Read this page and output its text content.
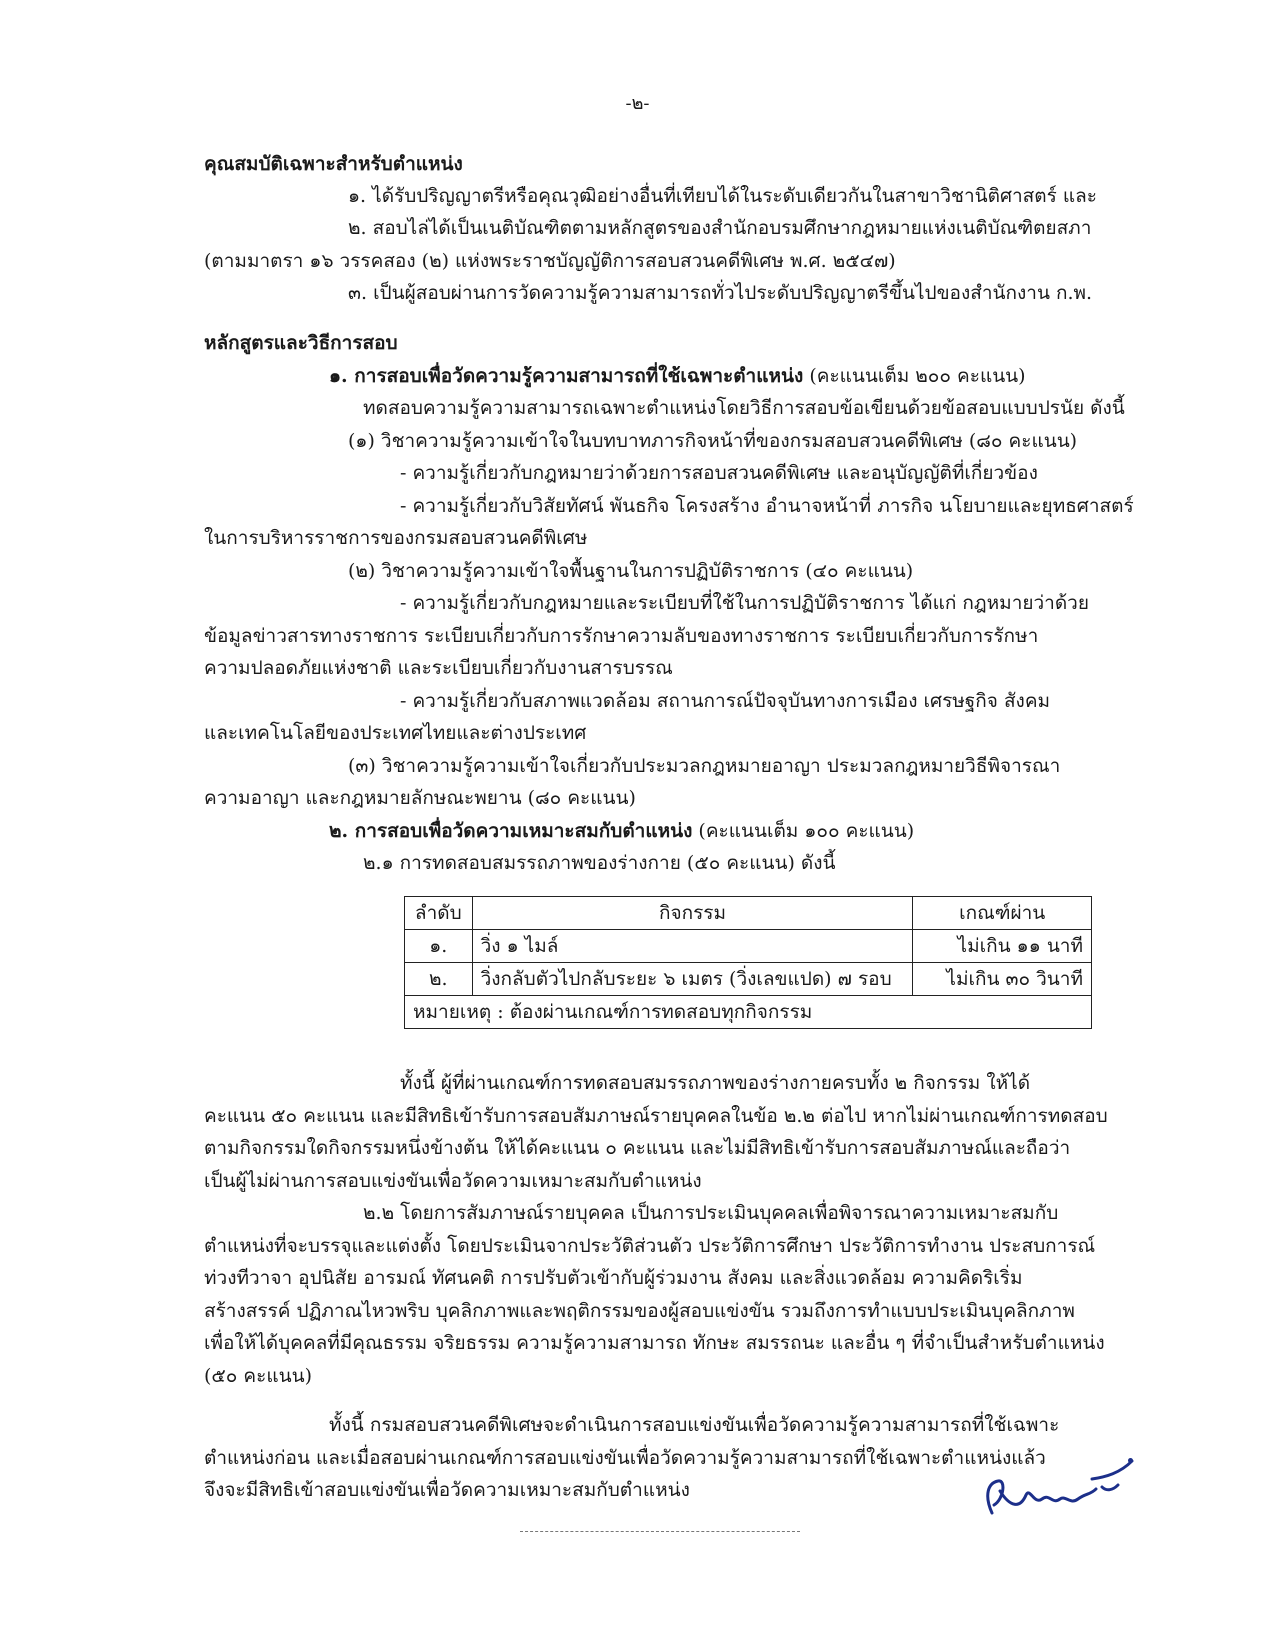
-๒-
คุณสมบัติเฉพาะสำหรับตำแหน่ง
๑. ได้รับปริญญาตรีหรือคุณวุฒิอย่างอื่นที่เทียบได้ในระดับเดียวกันในสาขาวิชานิติศาสตร์ และ
๒. สอบไล่ได้เป็นเนติบัณฑิตตามหลักสูตรของสำนักอบรมศึกษากฎหมายแห่งเนติบัณฑิตยสภา
(ตามมาตรา ๑๖ วรรคสอง (๒) แห่งพระราชบัญญัติการสอบสวนคดีพิเศษ พ.ศ. ๒๕๔๗)
๓. เป็นผู้สอบผ่านการวัดความรู้ความสามารถทั่วไประดับปริญญาตรีขึ้นไปของสำนักงาน ก.พ.
หลักสูตรและวิธีการสอบ
๑. การสอบเพื่อวัดความรู้ความสามารถที่ใช้เฉพาะตำแหน่ง (คะแนนเต็ม ๒๐๐ คะแนน)
ทดสอบความรู้ความสามารถเฉพาะตำแหน่งโดยวิธีการสอบข้อเขียนด้วยข้อสอบแบบปรนัย ดังนี้
(๑) วิชาความรู้ความเข้าใจในบทบาทภารกิจหน้าที่ของกรมสอบสวนคดีพิเศษ (๘๐ คะแนน)
- ความรู้เกี่ยวกับกฎหมายว่าด้วยการสอบสวนคดีพิเศษ และอนุบัญญัติที่เกี่ยวข้อง
- ความรู้เกี่ยวกับวิสัยทัศน์ พันธกิจ โครงสร้าง อำนาจหน้าที่ ภารกิจ นโยบายและยุทธศาสตร์
ในการบริหารราชการของกรมสอบสวนคดีพิเศษ
(๒) วิชาความรู้ความเข้าใจพื้นฐานในการปฏิบัติราชการ (๔๐ คะแนน)
- ความรู้เกี่ยวกับกฎหมายและระเบียบที่ใช้ในการปฏิบัติราชการ ได้แก่ กฎหมายว่าด้วย
ข้อมูลข่าวสารทางราชการ ระเบียบเกี่ยวกับการรักษาความลับของทางราชการ ระเบียบเกี่ยวกับการรักษา
ความปลอดภัยแห่งชาติ และระเบียบเกี่ยวกับงานสารบรรณ
- ความรู้เกี่ยวกับสภาพแวดล้อม สถานการณ์ปัจจุบันทางการเมือง เศรษฐกิจ สังคม
และเทคโนโลยีของประเทศไทยและต่างประเทศ
(๓) วิชาความรู้ความเข้าใจเกี่ยวกับประมวลกฎหมายอาญา ประมวลกฎหมายวิธีพิจารณา
ความอาญา และกฎหมายลักษณะพยาน (๘๐ คะแนน)
๒. การสอบเพื่อวัดความเหมาะสมกับตำแหน่ง (คะแนนเต็ม ๑๐๐ คะแนน)
๒.๑ การทดสอบสมรรถภาพของร่างกาย (๕๐ คะแนน) ดังนี้
ลำดับ	กิจกรรม	เกณฑ์ผ่าน
๑.	วิ่ง ๑ ไมล์	ไม่เกิน ๑๑ นาที
๒.	วิ่งกลับตัวไปกลับระยะ ๖ เมตร (วิ่งเลขแปด) ๗ รอบ	ไม่เกิน ๓๐ วินาที
หมายเหตุ : ต้องผ่านเกณฑ์การทดสอบทุกกิจกรรม		
ทั้งนี้ ผู้ที่ผ่านเกณฑ์การทดสอบสมรรถภาพของร่างกายครบทั้ง ๒ กิจกรรม ให้ได้
คะแนน ๕๐ คะแนน และมีสิทธิเข้ารับการสอบสัมภาษณ์รายบุคคลในข้อ ๒.๒ ต่อไป หากไม่ผ่านเกณฑ์การทดสอบ
ตามกิจกรรมใดกิจกรรมหนึ่งข้างต้น ให้ได้คะแนน ๐ คะแนน และไม่มีสิทธิเข้ารับการสอบสัมภาษณ์และถือว่า
เป็นผู้ไม่ผ่านการสอบแข่งขันเพื่อวัดความเหมาะสมกับตำแหน่ง
๒.๒ โดยการสัมภาษณ์รายบุคคล เป็นการประเมินบุคคลเพื่อพิจารณาความเหมาะสมกับ
ตำแหน่งที่จะบรรจุและแต่งตั้ง โดยประเมินจากประวัติส่วนตัว ประวัติการศึกษา ประวัติการทำงาน ประสบการณ์
ท่วงทีวาจา อุปนิสัย อารมณ์ ทัศนคติ การปรับตัวเข้ากับผู้ร่วมงาน สังคม และสิ่งแวดล้อม ความคิดริเริ่ม
สร้างสรรค์ ปฏิภาณไหวพริบ บุคลิกภาพและพฤติกรรมของผู้สอบแข่งขัน รวมถึงการทำแบบประเมินบุคลิกภาพ
เพื่อให้ได้บุคคลที่มีคุณธรรม จริยธรรม ความรู้ความสามารถ ทักษะ สมรรถนะ และอื่น ๆ ที่จำเป็นสำหรับตำแหน่ง
(๕๐ คะแนน)
ทั้งนี้ กรมสอบสวนคดีพิเศษจะดำเนินการสอบแข่งขันเพื่อวัดความรู้ความสามารถที่ใช้เฉพาะ
ตำแหน่งก่อน และเมื่อสอบผ่านเกณฑ์การสอบแข่งขันเพื่อวัดความรู้ความสามารถที่ใช้เฉพาะตำแหน่งแล้ว
จึงจะมีสิทธิเข้าสอบแข่งขันเพื่อวัดความเหมาะสมกับตำแหน่ง
